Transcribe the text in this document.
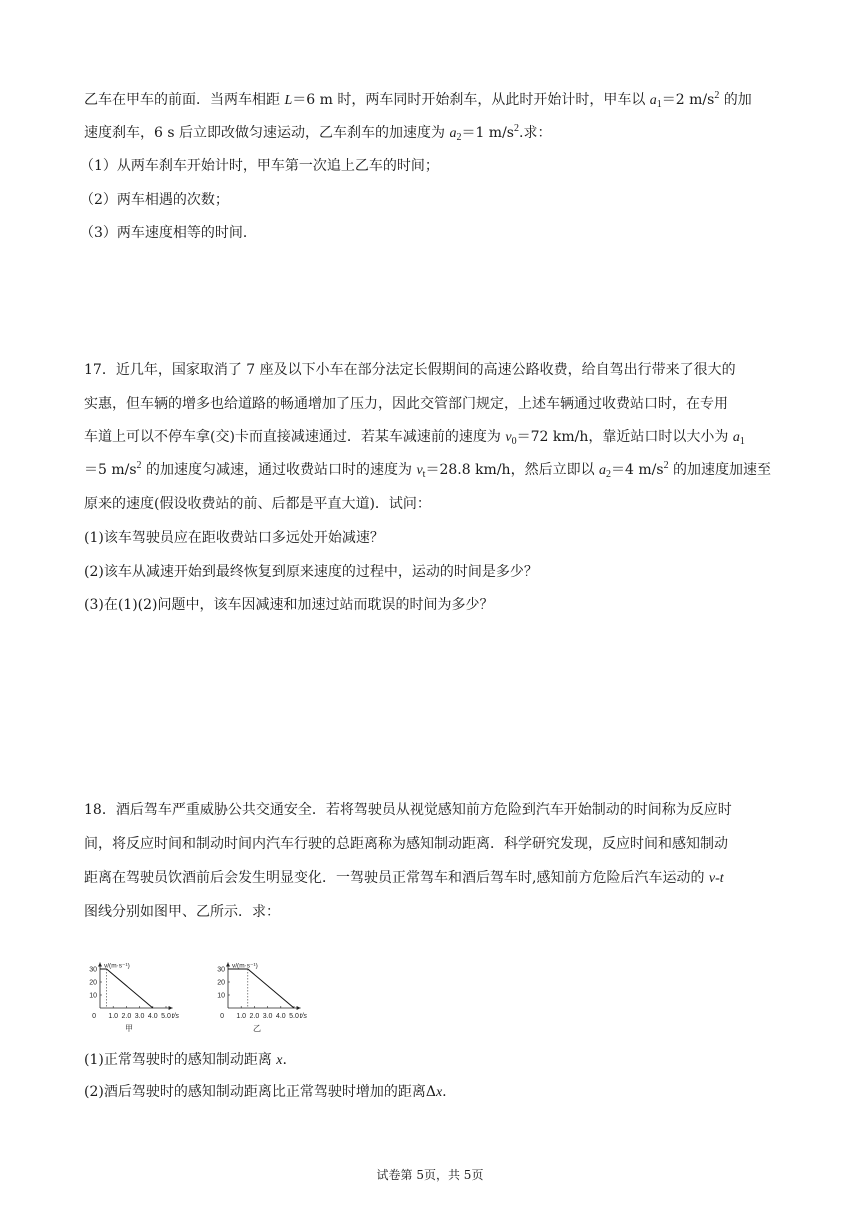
乙车在甲车的前面．当两车相距 L＝6 m 时，两车同时开始刹车，从此时开始计时，甲车以 $a_1=2$ $m/s^2$ 的加
速度刹车，6 s 后立即改做匀速运动，乙车刹车的加速度为 $a_2=1$ $m/s^2$.求：
（1）从两车刹车开始计时，甲车第一次追上乙车的时间；
（2）两车相遇的次数；
（3）两车速度相等的时间．
17．近几年，国家取消了 7 座及以下小车在部分法定长假期间的高速公路收费，给自驾出行带来了很大的
实惠，但车辆的增多也给道路的畅通增加了压力，因此交管部门规定，上述车辆通过收费站口时，在专用
车道上可以不停车拿(交)卡而直接减速通过．若某车减速前的速度为 $v_0=72$ km/h，靠近站口时以大小为 $a_1$
＝5 $m/s^2$ 的加速度匀减速，通过收费站口时的速度为 $v_t=28.8$ km/h，然后立即以 $a_2=4$ $m/s^2$ 的加速度加速至
原来的速度(假设收费站的前、后都是平直大道)．试问：
(1)该车驾驶员应在距收费站口多远处开始减速？
(2)该车从减速开始到最终恢复到原来速度的过程中，运动的时间是多少？
(3)在(1)(2)问题中，该车因减速和加速过站而耽误的时间为多少？
18．酒后驾车严重威胁公共交通安全．若将驾驶员从视觉感知前方危险到汽车开始制动的时间称为反应时
间，将反应时间和制动时间内汽车行驶的总距离称为感知制动距离．科学研究发现，反应时间和感知制动
距离在驾驶员饮酒前后会发生明显变化．一驾驶员正常驾车和酒后驾车时,感知前方危险后汽车运动的 v-t
图线分别如图甲、乙所示．求：
v/(m·s⁻¹)
30
20
10
0 1.0 2.0 3.0 4.0 5.0 t/s
甲
v/(m·s⁻¹)
30
20
10
0 1.0 2.0 3.0 4.0 5.0 t/s
乙
(1)正常驾驶时的感知制动距离 x.
(2)酒后驾驶时的感知制动距离比正常驾驶时增加的距离Δx.
试卷第 5页，共 5页
